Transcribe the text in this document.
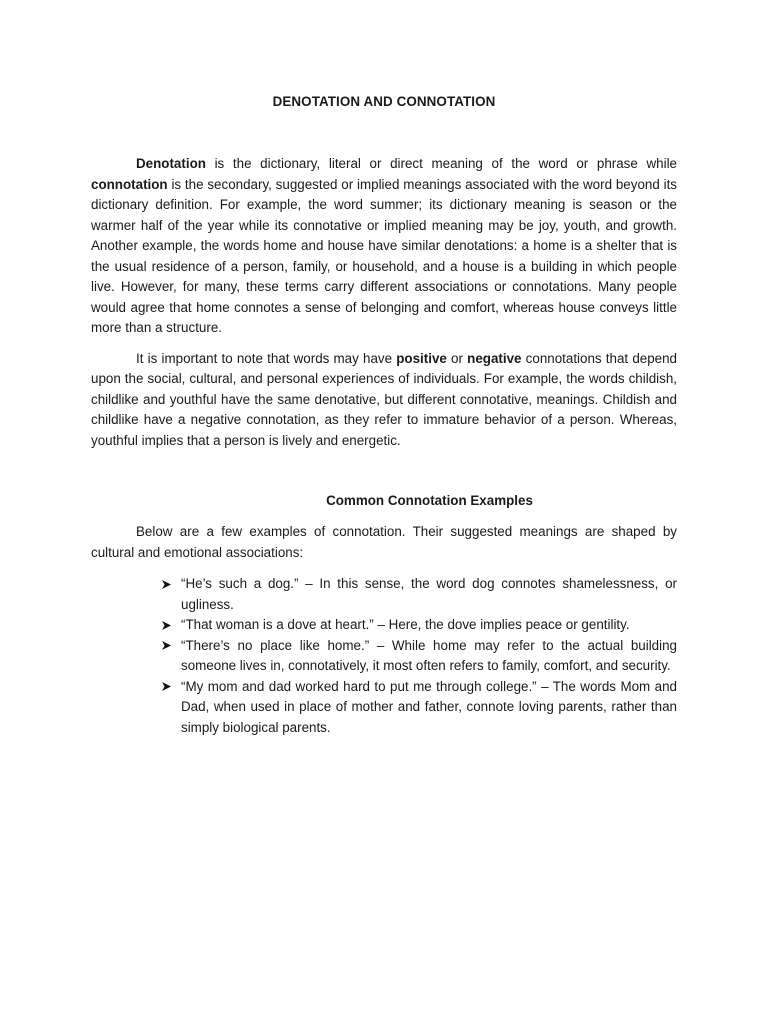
DENOTATION AND CONNOTATION

Denotation is the dictionary, literal or direct meaning of the word or phrase while connotation is the secondary, suggested or implied meanings associated with the word beyond its dictionary definition. For example, the word summer; its dictionary meaning is season or the warmer half of the year while its connotative or implied meaning may be joy, youth, and growth. Another example, the words home and house have similar denotations: a home is a shelter that is the usual residence of a person, family, or household, and a house is a building in which people live. However, for many, these terms carry different associations or connotations. Many people would agree that home connotes a sense of belonging and comfort, whereas house conveys little more than a structure.

It is important to note that words may have positive or negative connotations that depend upon the social, cultural, and personal experiences of individuals. For example, the words childish, childlike and youthful have the same denotative, but different connotative, meanings. Childish and childlike have a negative connotation, as they refer to immature behavior of a person. Whereas, youthful implies that a person is lively and energetic.

Common Connotation Examples

Below are a few examples of connotation. Their suggested meanings are shaped by cultural and emotional associations:

“He’s such a dog.” – In this sense, the word dog connotes shamelessness, or ugliness.
“That woman is a dove at heart.” – Here, the dove implies peace or gentility.
“There’s no place like home.” – While home may refer to the actual building someone lives in, connotatively, it most often refers to family, comfort, and security.
“My mom and dad worked hard to put me through college.” – The words Mom and Dad, when used in place of mother and father, connote loving parents, rather than simply biological parents.
